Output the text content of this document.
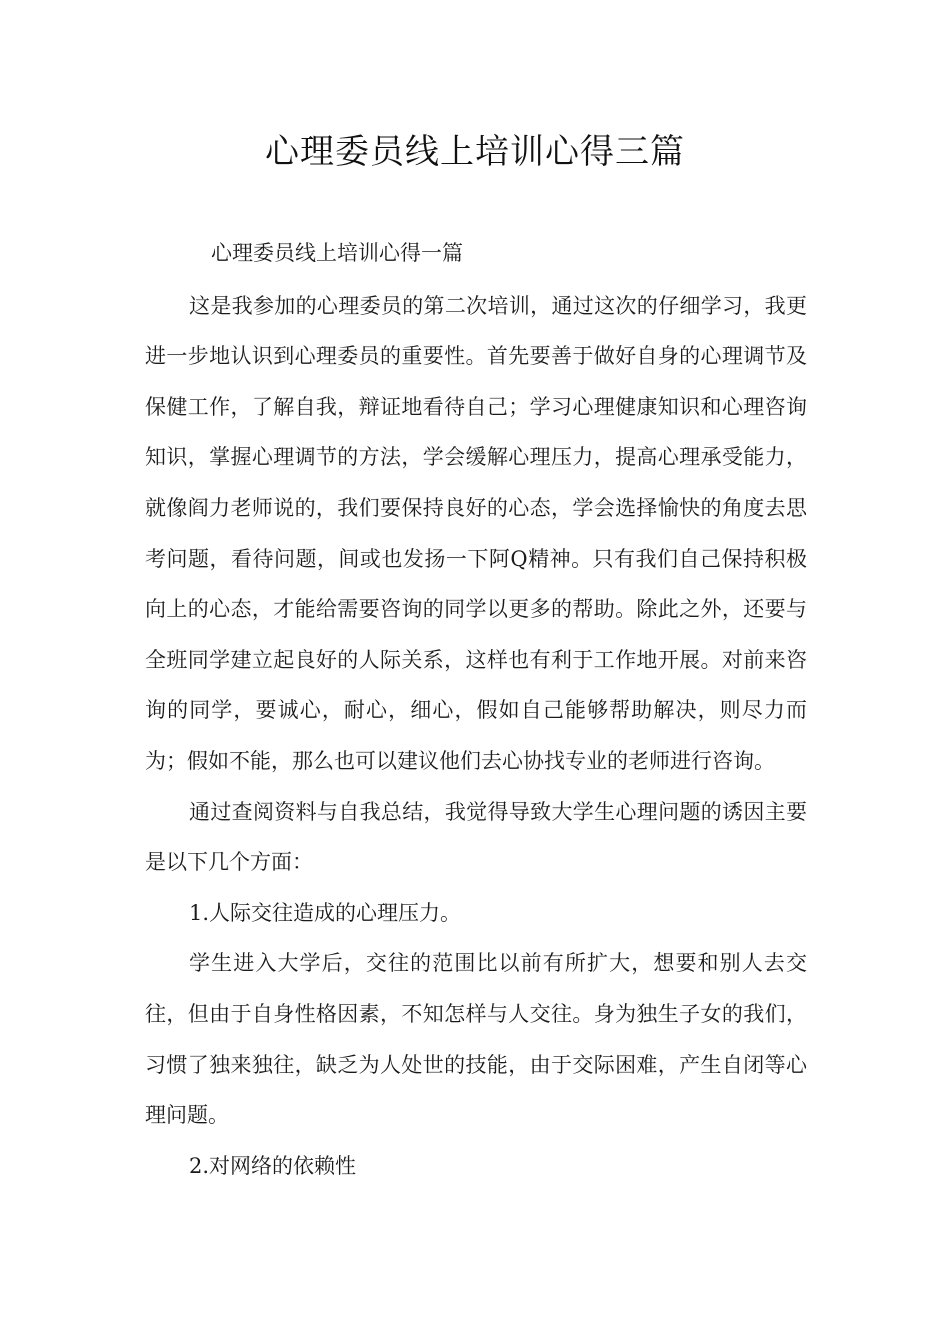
心理委员线上培训心得三篇

心理委员线上培训心得一篇

这是我参加的心理委员的第二次培训，通过这次的仔细学习，我更进一步地认识到心理委员的重要性。首先要善于做好自身的心理调节及保健工作，了解自我，辩证地看待自己；学习心理健康知识和心理咨询知识，掌握心理调节的方法，学会缓解心理压力，提高心理承受能力，就像阎力老师说的，我们要保持良好的心态，学会选择愉快的角度去思考问题，看待问题，间或也发扬一下阿Q精神。只有我们自己保持积极向上的心态，才能给需要咨询的同学以更多的帮助。除此之外，还要与全班同学建立起良好的人际关系，这样也有利于工作地开展。对前来咨询的同学，要诚心，耐心，细心，假如自己能够帮助解决，则尽力而为；假如不能，那么也可以建议他们去心协找专业的老师进行咨询。

通过查阅资料与自我总结，我觉得导致大学生心理问题的诱因主要是以下几个方面：

1.人际交往造成的心理压力。

学生进入大学后，交往的范围比以前有所扩大，想要和别人去交往，但由于自身性格因素，不知怎样与人交往。身为独生子女的我们，习惯了独来独往，缺乏为人处世的技能，由于交际困难，产生自闭等心理问题。

2.对网络的依赖性
